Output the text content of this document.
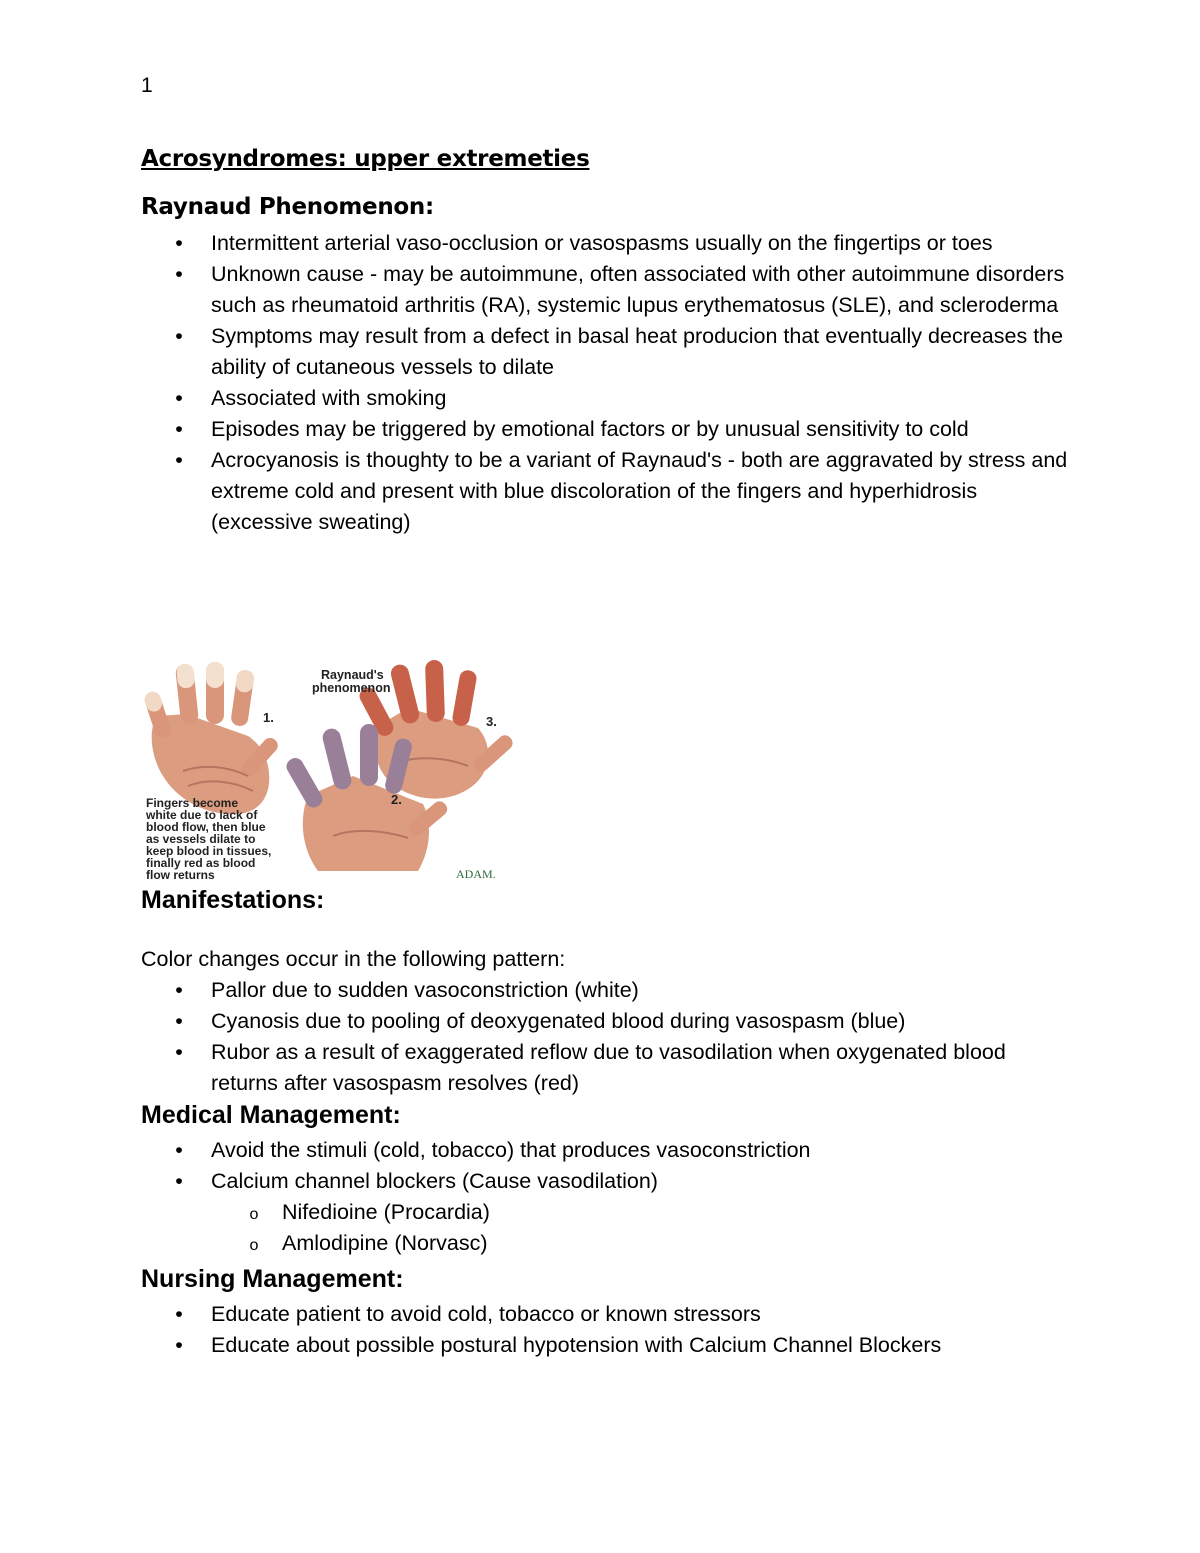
1
Acrosyndromes: upper extremeties
Raynaud Phenomenon:
• Intermittent arterial vaso-occlusion or vasospasms usually on the fingertips or toes
• Unknown cause - may be autoimmune, often associated with other autoimmune disorders such as rheumatoid arthritis (RA), systemic lupus erythematosus (SLE), and scleroderma
• Symptoms may result from a defect in basal heat producion that eventually decreases the ability of cutaneous vessels to dilate
• Associated with smoking
• Episodes may be triggered by emotional factors or by unusual sensitivity to cold
• Acrocyanosis is thoughty to be a variant of Raynaud's - both are aggravated by stress and extreme cold and present with blue discoloration of the fingers and hyperhidrosis (excessive sweating)
1.	3.
2.
Raynaud's
phenomenon
Fingers become
white due to lack of
blood flow, then blue
as vessels dilate to
keep blood in tissues,
finally red as blood
flow returns	ADAM.
Manifestations:

Color changes occur in the following pattern:

• Pallor due to sudden vasoconstriction (white)
• Cyanosis due to pooling of deoxygenated blood during vasospasm (blue)
• Rubor as a result of exaggerated reflow due to vasodilation when oxygenated blood returns after vasospasm resolves (red)
Medical Management:
• Avoid the stimuli (cold, tobacco) that produces vasoconstriction
• Calcium channel blockers (Cause vasodilation)
o Nifedioine (Procardia)
o Amlodipine (Norvasc)
Nursing Management:
• Educate patient to avoid cold, tobacco or known stressors
• Educate about possible postural hypotension with Calcium Channel Blockers
